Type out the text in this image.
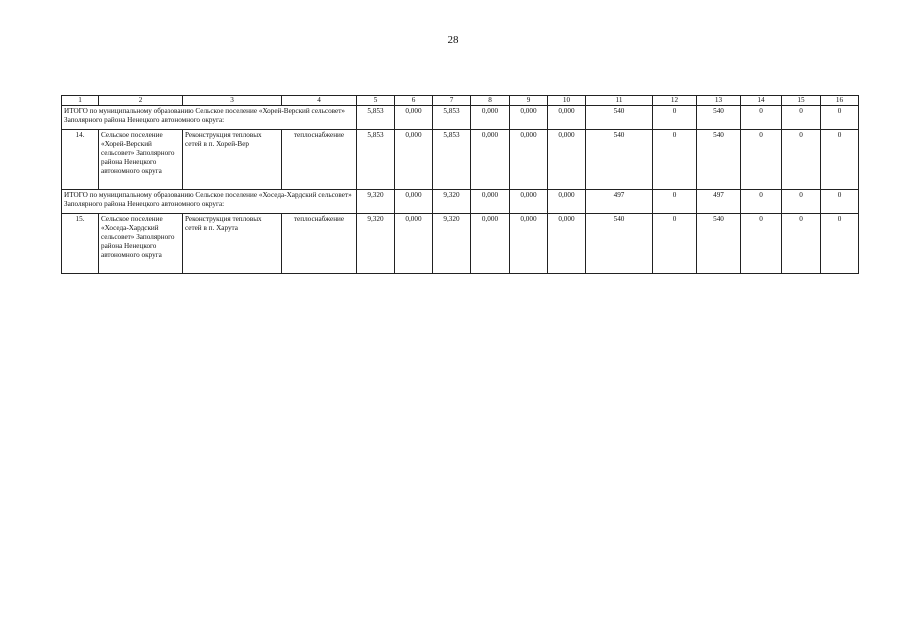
28
1	2	3	4	5	6	7	8	9	10	11	12	13	14	15	16
ИТОГО по муниципальному образованию Сельское поселение «Хорей-Верский сельсовет» Заполярного района Ненецкого автономного округа:				5,853	0,000	5,853	0,000	0,000	0,000	540	0	540	0	0	0
14.	Сельское поселение «Хорей-Верский сельсовет» Заполярного района Ненецкого автономного округа	Реконструкция тепловых сетей в п. Хорей-Вер	теплоснабжение	5,853	0,000	5,853	0,000	0,000	0,000	540	0	540	0	0	0
ИТОГО по муниципальному образованию Сельское поселение «Хоседа-Хардский сельсовет» Заполярного района Ненецкого автономного округа:				9,320	0,000	9,320	0,000	0,000	0,000	497	0	497	0	0	0
15.	Сельское поселение «Хоседа-Хардский сельсовет» Заполярного района Ненецкого автономного округа	Реконструкция тепловых сетей в п. Харута	теплоснабжение	9,320	0,000	9,320	0,000	0,000	0,000	540	0	540	0	0	0
